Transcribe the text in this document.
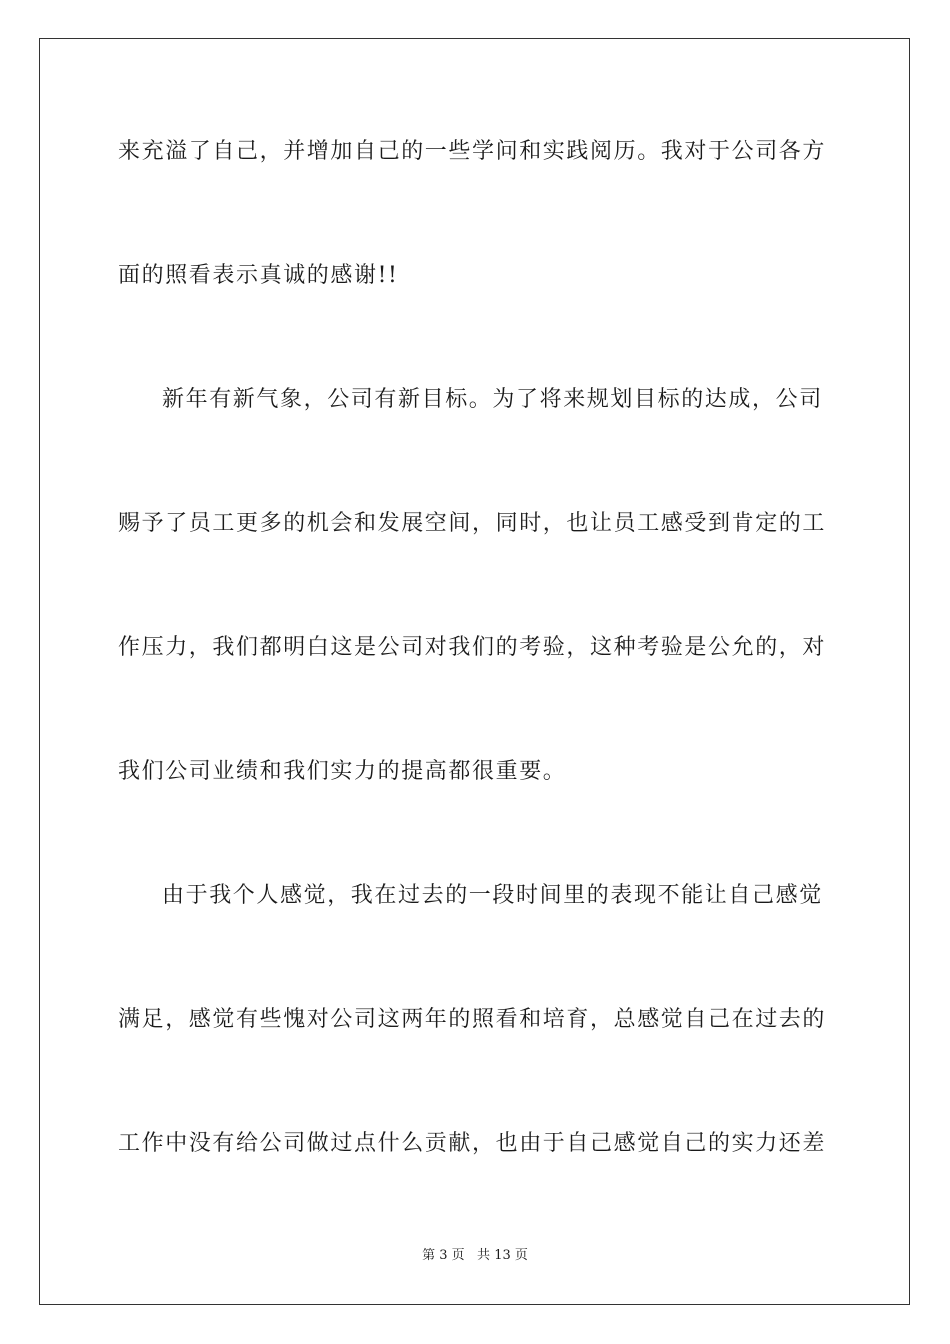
来充溢了自己，并增加自己的一些学问和实践阅历。我对于公司各方
面的照看表示真诚的感谢!!
新年有新气象，公司有新目标。为了将来规划目标的达成，公司
赐予了员工更多的机会和发展空间，同时，也让员工感受到肯定的工
作压力，我们都明白这是公司对我们的考验，这种考验是公允的，对
我们公司业绩和我们实力的提高都很重要。
由于我个人感觉，我在过去的一段时间里的表现不能让自己感觉
满足，感觉有些愧对公司这两年的照看和培育，总感觉自己在过去的
工作中没有给公司做过点什么贡献，也由于自己感觉自己的实力还差
第 3 页   共 13 页
